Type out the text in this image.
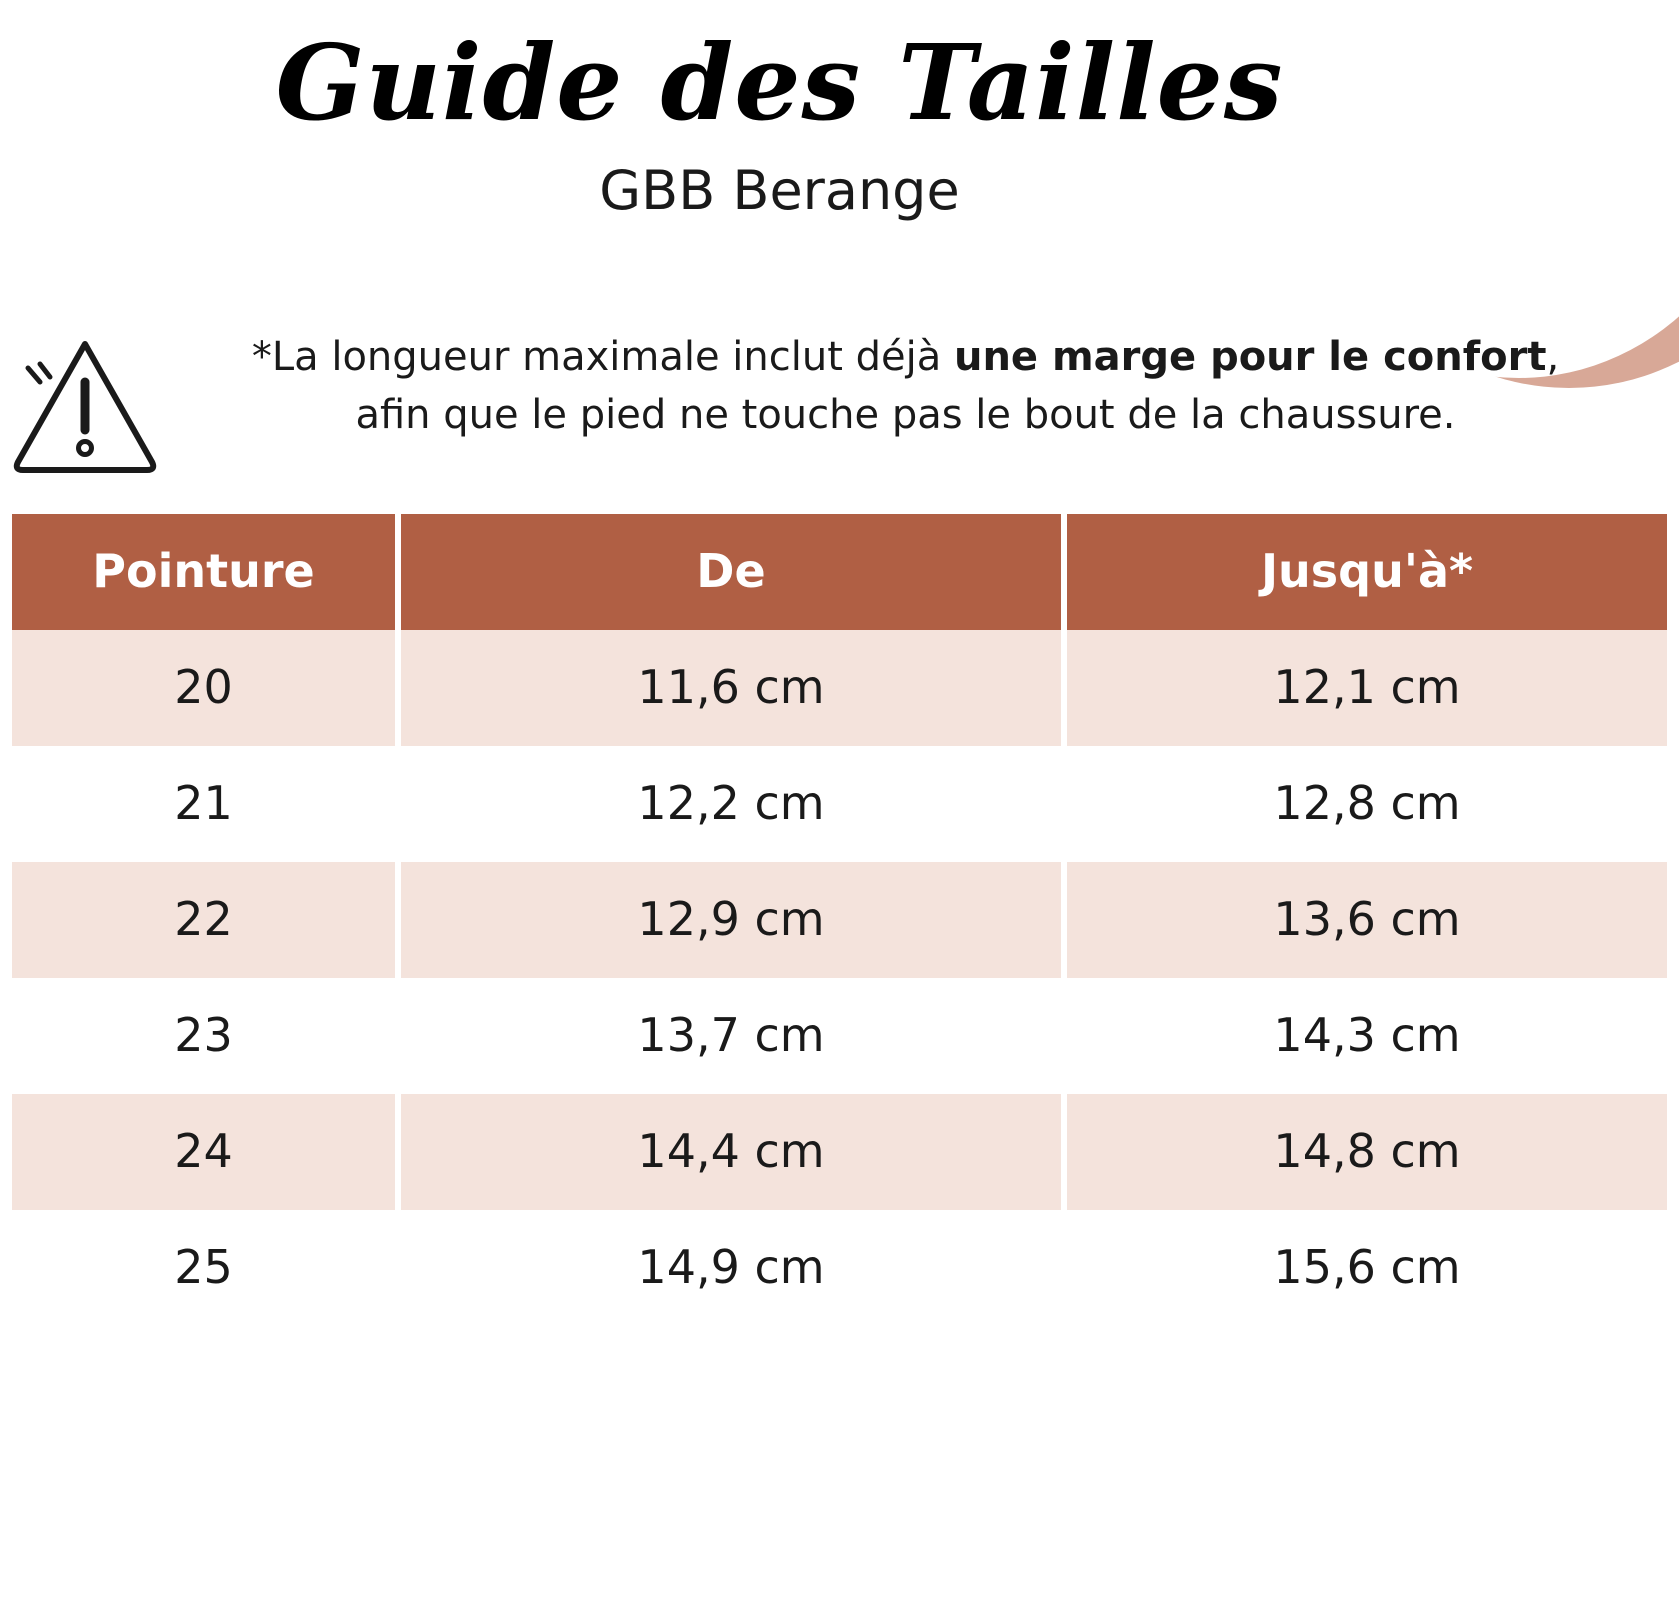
Guide des Tailles
GBB Berange
*La longueur maximale inclut déjà une marge pour le confort,
afin que le pied ne touche pas le bout de la chaussure.
Pointure	De	Jusqu'à*
20	11,6 cm	12,1 cm
21	12,2 cm	12,8 cm
22	12,9 cm	13,6 cm
23	13,7 cm	14,3 cm
24	14,4 cm	14,8 cm
25	14,9 cm	15,6 cm
